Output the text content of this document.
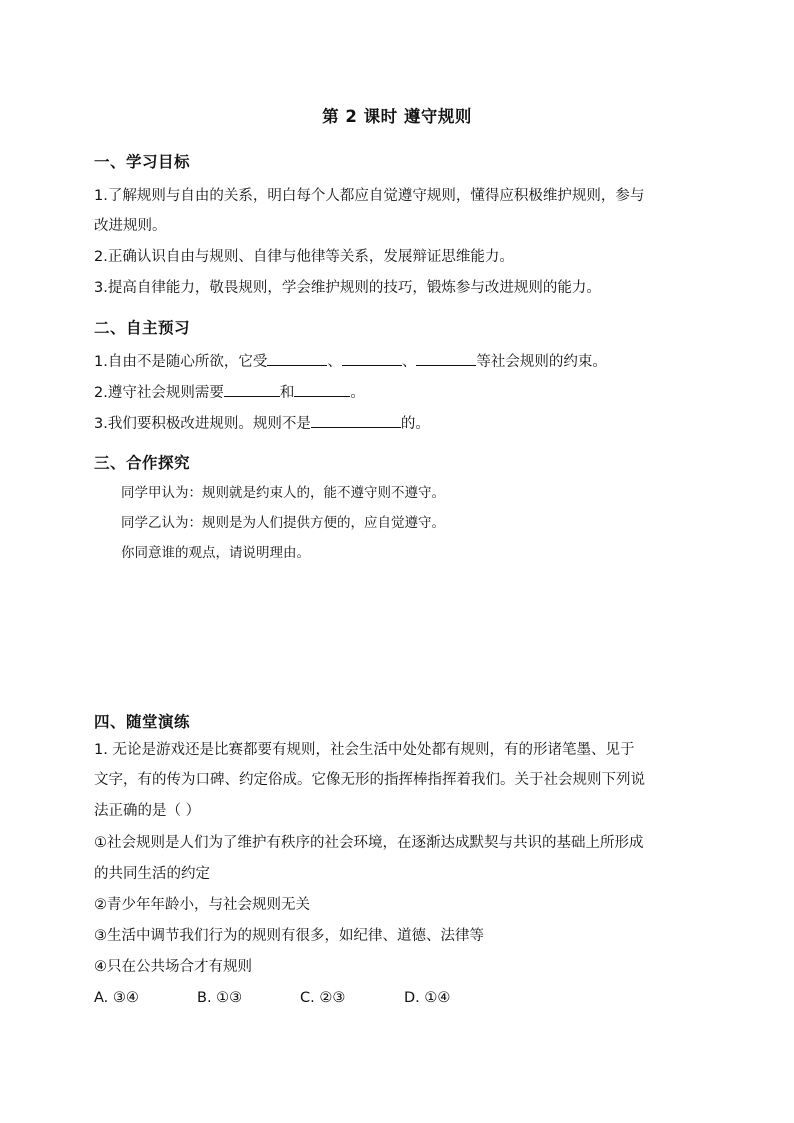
第 2 课时 遵守规则
一、学习目标
1.了解规则与自由的关系，明白每个人都应自觉遵守规则，懂得应积极维护规则，参与
改进规则。
2.正确认识自由与规则、自律与他律等关系，发展辩证思维能力。
3.提高自律能力，敬畏规则，学会维护规则的技巧，锻炼参与改进规则的能力。
二、自主预习
1.自由不是随心所欲，它受	、	、	等社会规则的约束。
2.遵守社会规则需要	和	。
3.我们要积极改进规则。规则不是	的。
三、合作探究
同学甲认为：规则就是约束人的，能不遵守则不遵守。
同学乙认为：规则是为人们提供方便的，应自觉遵守。
你同意谁的观点，请说明理由。
四、随堂演练
1. 无论是游戏还是比赛都要有规则，社会生活中处处都有规则，有的形诸笔墨、见于
文字，有的传为口碑、约定俗成。它像无形的指挥棒指挥着我们。关于社会规则下列说
法正确的是（ ）
①社会规则是人们为了维护有秩序的社会环境，在逐渐达成默契与共识的基础上所形成
的共同生活的约定
②青少年年龄小，与社会规则无关
③生活中调节我们行为的规则有很多，如纪律、道德、法律等
④只在公共场合才有规则
A. ③④	B. ①③	C. ②③	D. ①④
